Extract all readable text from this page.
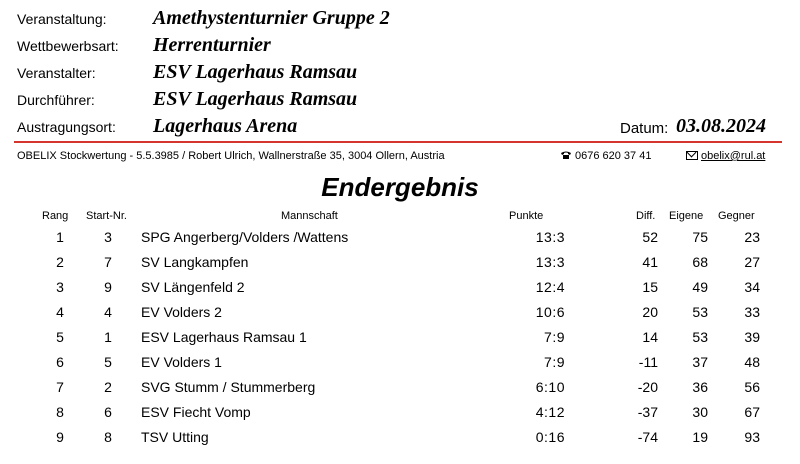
Veranstaltung: Amethystenturnier Gruppe 2
Wettbewerbsart: Herrenturnier
Veranstalter:	ESV Lagerhaus Ramsau
Durchführer:	ESV Lagerhaus Ramsau
Austragungsort: Lagerhaus Arena	Datum: 03.08.2024
OBELIX Stockwertung - 5.5.3985 / Robert Ulrich, Wallnerstraße 35, 3004 Ollern, Austria	0676 620 37 41	obelix@rul.at
Endergebnis
Rang Start-Nr.	Mannschaft	Punkte	Diff. Eigene Gegner
1	3	SPG Angerberg/Volders /Wattens	13:3	52	75	23
2	7	SV Langkampfen	13:3	41	68	27
3	9	SV Längenfeld 2	12:4	15	49	34
4	4	EV Volders 2	10:6	20	53	33
5	1	ESV Lagerhaus Ramsau 1	7:9	14	53	39
6	5	EV Volders 1	7:9	-11	37	48
7	2	SVG Stumm / Stummerberg	6:10	-20	36	56
8	6	ESV Fiecht Vomp	4:12	-37	30	67
9	8	TSV Utting	0:16	-74	19	93
